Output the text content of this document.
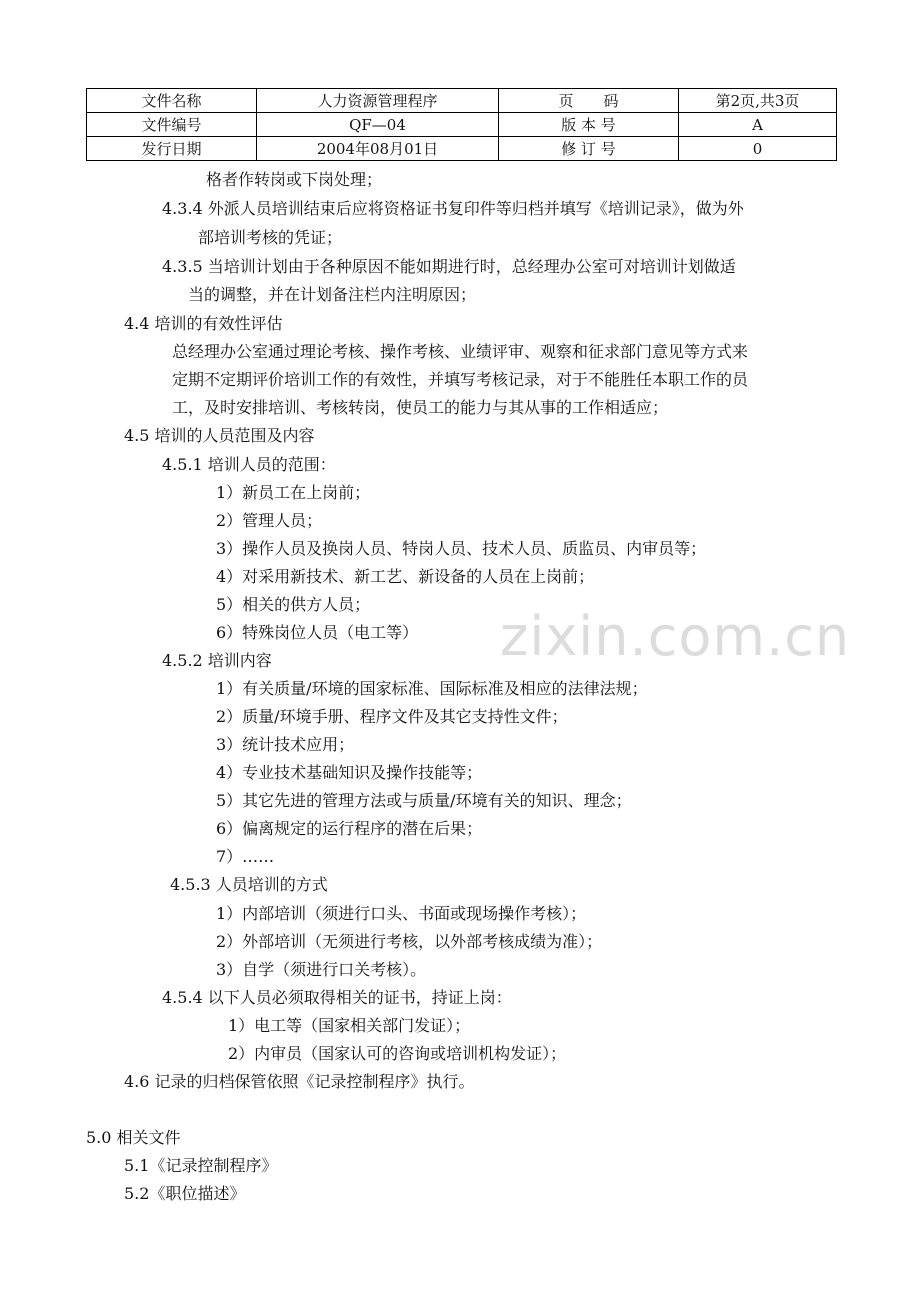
文件名称	人力资源管理程序	页　　码	第2页,共3页
文件编号	QF—04	版 本 号	A
发行日期	2004年08月01日	修 订 号	0
zixin.com.cn
格者作转岗或下岗处理；
4.3.4 外派人员培训结束后应将资格证书复印件等归档并填写《培训记录》，做为外
部培训考核的凭证；
4.3.5 当培训计划由于各种原因不能如期进行时，总经理办公室可对培训计划做适
当的调整，并在计划备注栏内注明原因；
4.4 培训的有效性评估
总经理办公室通过理论考核、操作考核、业绩评审、观察和征求部门意见等方式来
定期不定期评价培训工作的有效性，并填写考核记录，对于不能胜任本职工作的员
工，及时安排培训、考核转岗，使员工的能力与其从事的工作相适应；
4.5 培训的人员范围及内容
4.5.1 培训人员的范围：
1）新员工在上岗前；
2）管理人员；
3）操作人员及换岗人员、特岗人员、技术人员、质监员、内审员等；
4）对采用新技术、新工艺、新设备的人员在上岗前；
5）相关的供方人员；
6）特殊岗位人员（电工等）
4.5.2 培训内容
1）有关质量/环境的国家标准、国际标准及相应的法律法规；
2）质量/环境手册、程序文件及其它支持性文件；
3）统计技术应用；
4）专业技术基础知识及操作技能等；
5）其它先进的管理方法或与质量/环境有关的知识、理念；
6）偏离规定的运行程序的潜在后果；
7）……
4.5.3 人员培训的方式
1）内部培训（须进行口头、书面或现场操作考核）；
2）外部培训（无须进行考核，以外部考核成绩为准）；
3）自学（须进行口关考核）。
4.5.4 以下人员必须取得相关的证书，持证上岗：
1）电工等（国家相关部门发证）；
2）内审员（国家认可的咨询或培训机构发证）；
4.6 记录的归档保管依照《记录控制程序》执行。
5.0 相关文件
5.1《记录控制程序》
5.2《职位描述》
